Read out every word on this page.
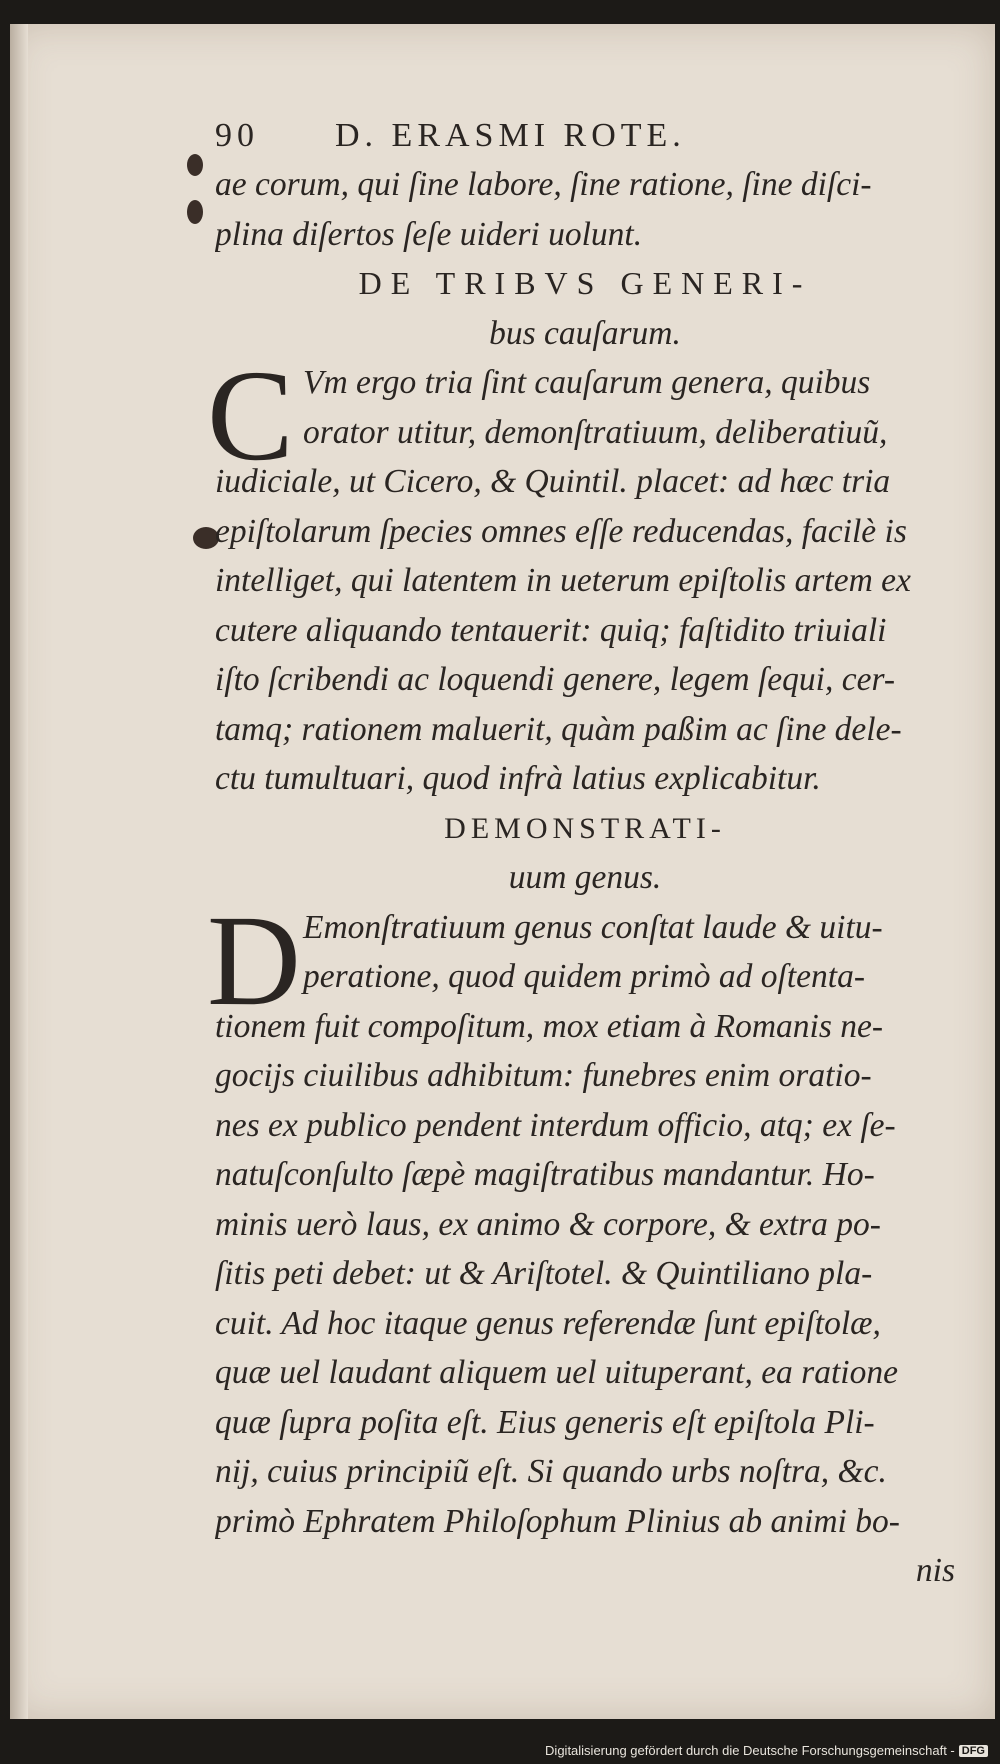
90	D. ERASMI ROTE.
ae corum, qui ſine labore, ſine ratione, ſine diſci-
plina diſertos ſeſe uideri uolunt.
DE TRIBVS GENERI-
bus cauſarum.
C Vm ergo tria ſint cauſarum genera, quibus
orator utitur, demonſtratiuum, deliberatiuũ,
iudiciale, ut Cicero, & Quintil. placet: ad hæc tria
epiſtolarum ſpecies omnes eſſe reducendas, facilè is
intelliget, qui latentem in ueterum epiſtolis artem ex
cutere aliquando tentauerit: quiq; faſtidito triuiali
iſto ſcribendi ac loquendi genere, legem ſequi, cer-
tamq; rationem maluerit, quàm paßim ac ſine dele-
ctu tumultuari, quod infrà latius explicabitur.
DEMONSTRATI-
uum genus.
D Emonſtratiuum genus conſtat laude & uitu-
peratione, quod quidem primò ad oſtenta-
tionem fuit compoſitum, mox etiam à Romanis ne-
gocijs ciuilibus adhibitum: funebres enim oratio-
nes ex publico pendent interdum officio, atq; ex ſe-
natuſconſulto ſæpè magiſtratibus mandantur. Ho-
minis uerò laus, ex animo & corpore, & extra po-
ſitis peti debet: ut & Ariſtotel. & Quintiliano pla-
cuit. Ad hoc itaque genus referendæ ſunt epiſtolæ,
quæ uel laudant aliquem uel uituperant, ea ratione
quæ ſupra poſita eſt. Eius generis eſt epiſtola Pli-
nij, cuius principiũ eſt. Si quando urbs noſtra, &c.
primò Ephratem Philoſophum Plinius ab animi bo-
nis
Digitalisierung gefördert durch die Deutsche Forschungsgemeinschaft - DFG
